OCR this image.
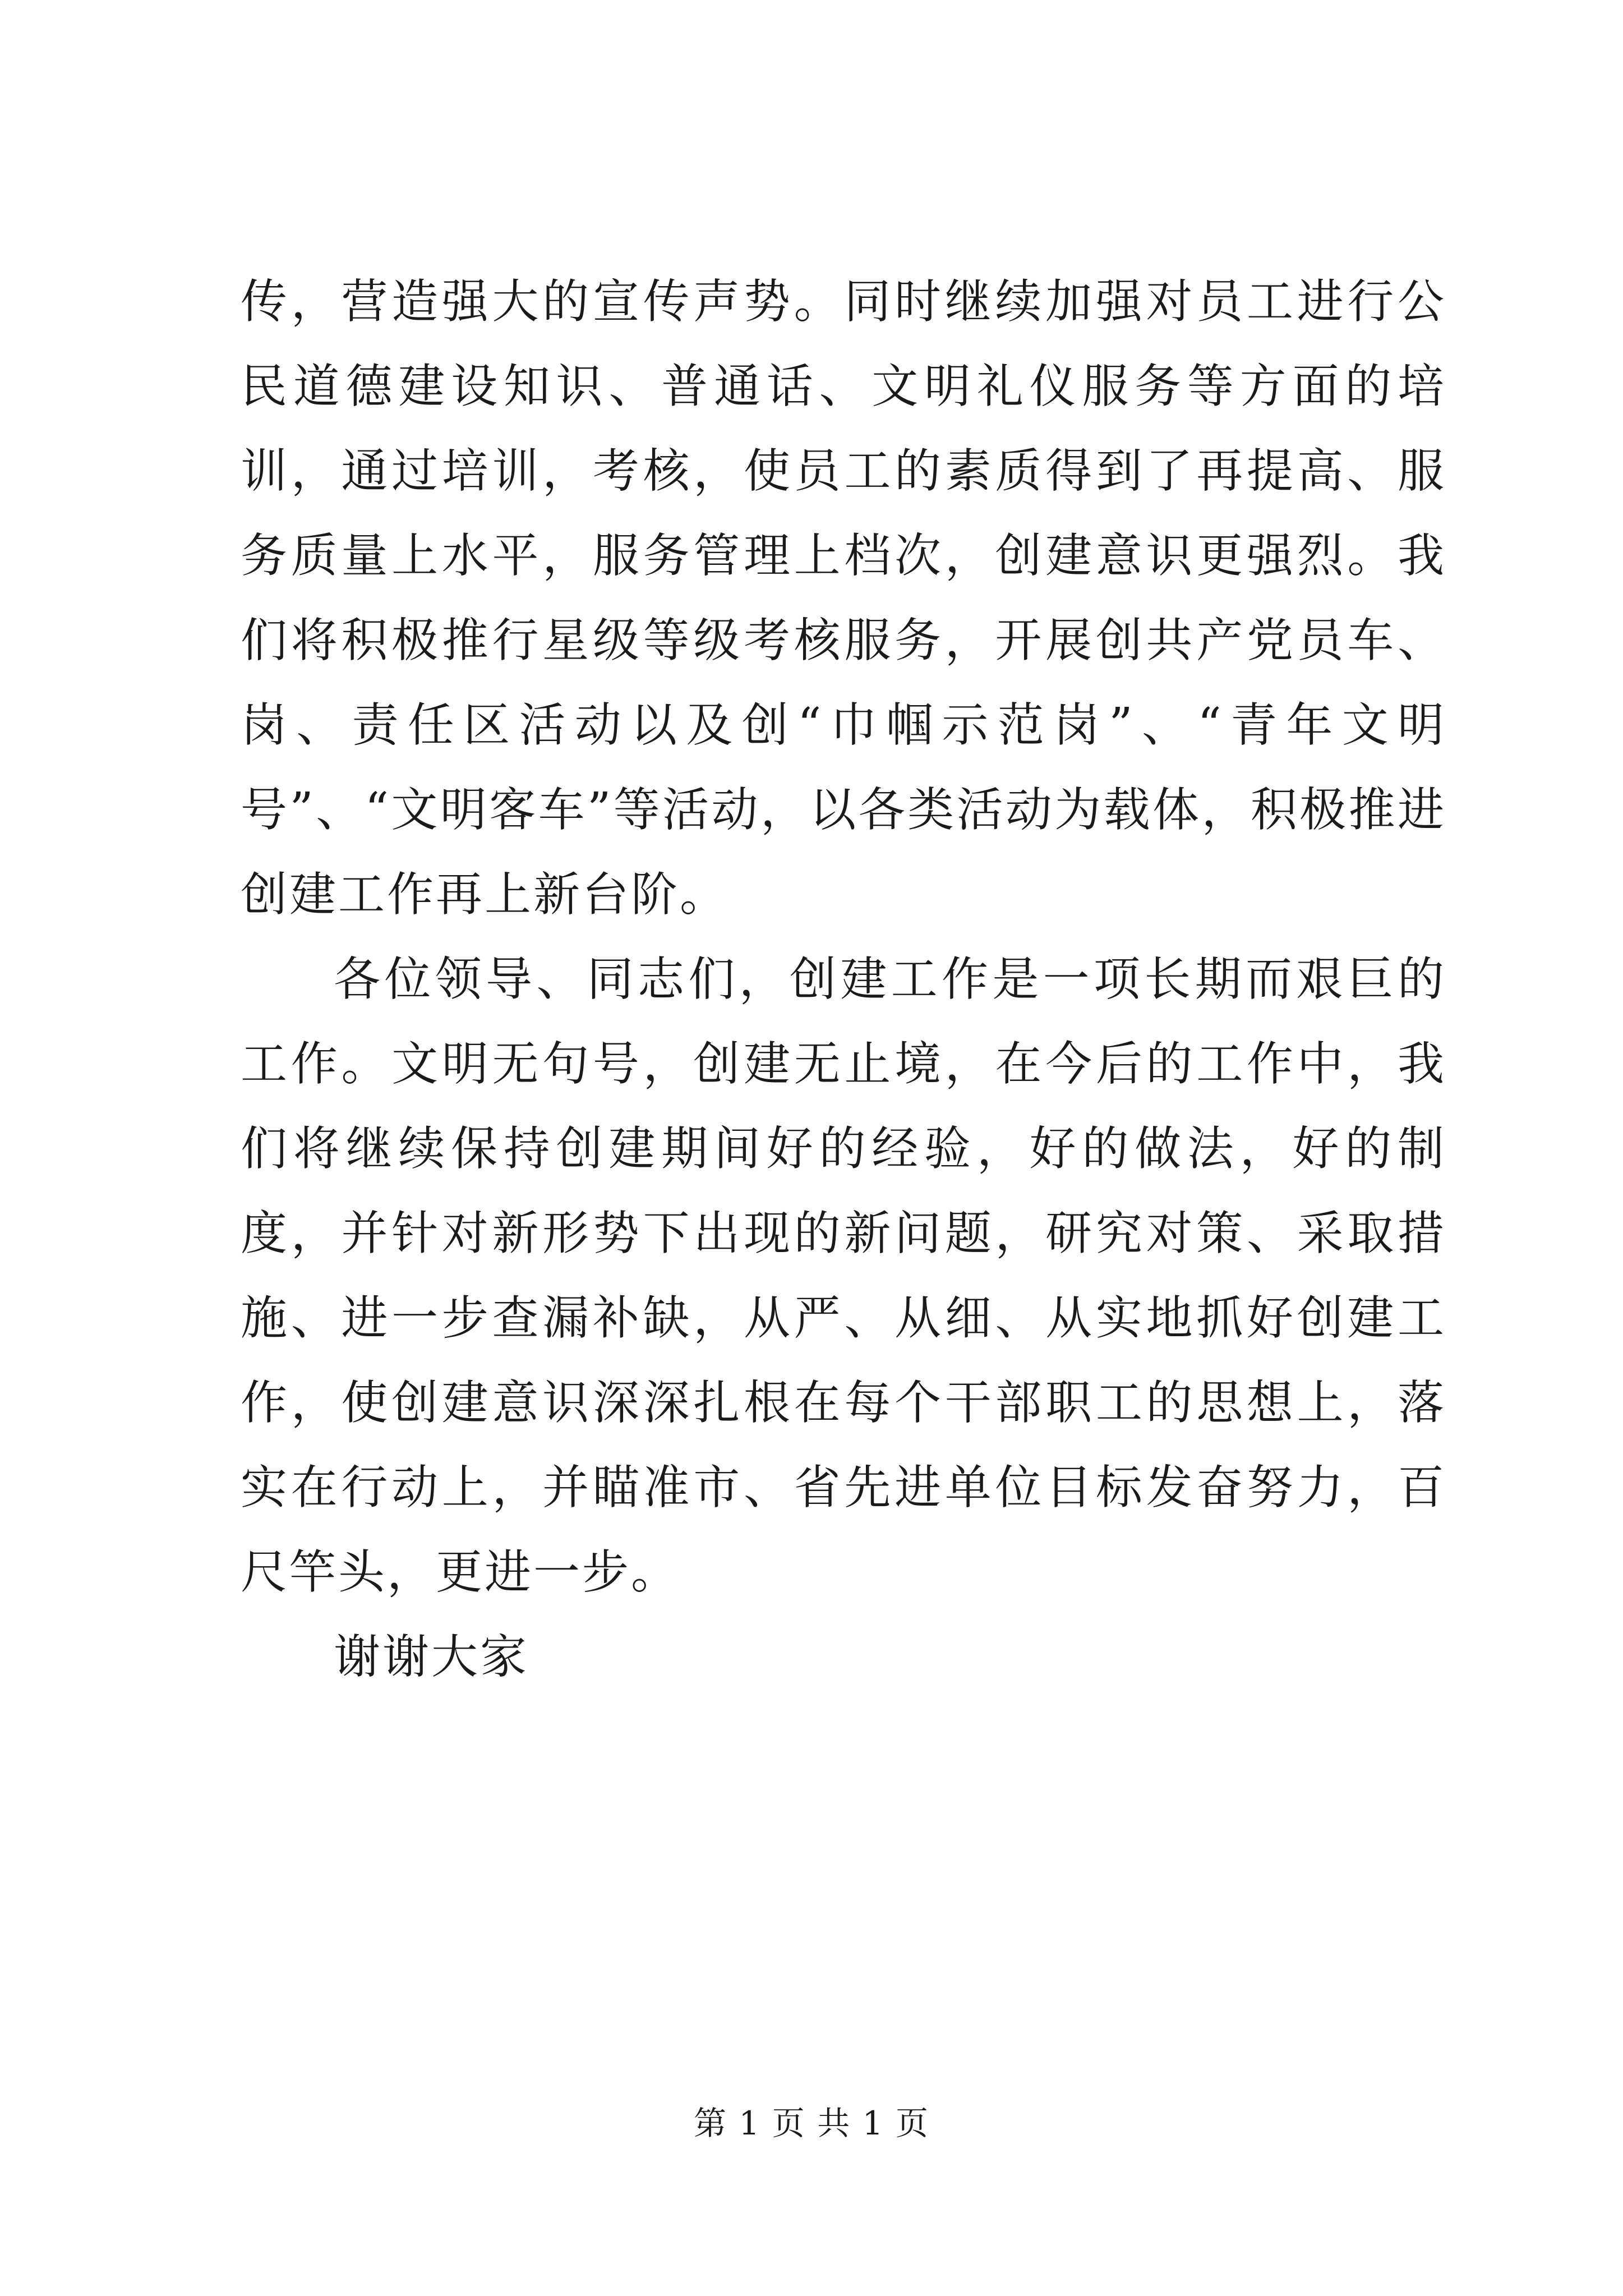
传，营造强大的宣传声势。同时继续加强对员工进行公民道德建设知识、普通话、文明礼仪服务等方面的培训，通过培训，考核，使员工的素质得到了再提高、服务质量上水平，服务管理上档次，创建意识更强烈。我们将积极推行星级等级考核服务，开展创共产党员车、岗、责任区活动以及创“巾帼示范岗”、“青年文明号”、“文明客车”等活动，以各类活动为载体，积极推进创建工作再上新台阶。

各位领导、同志们，创建工作是一项长期而艰巨的工作。文明无句号，创建无止境，在今后的工作中，我们将继续保持创建期间好的经验，好的做法，好的制度，并针对新形势下出现的新问题，研究对策、采取措施、进一步查漏补缺，从严、从细、从实地抓好创建工作，使创建意识深深扎根在每个干部职工的思想上，落实在行动上，并瞄准市、省先进单位目标发奋努力，百尺竿头，更进一步。

谢谢大家

第 1 页 共 1 页
